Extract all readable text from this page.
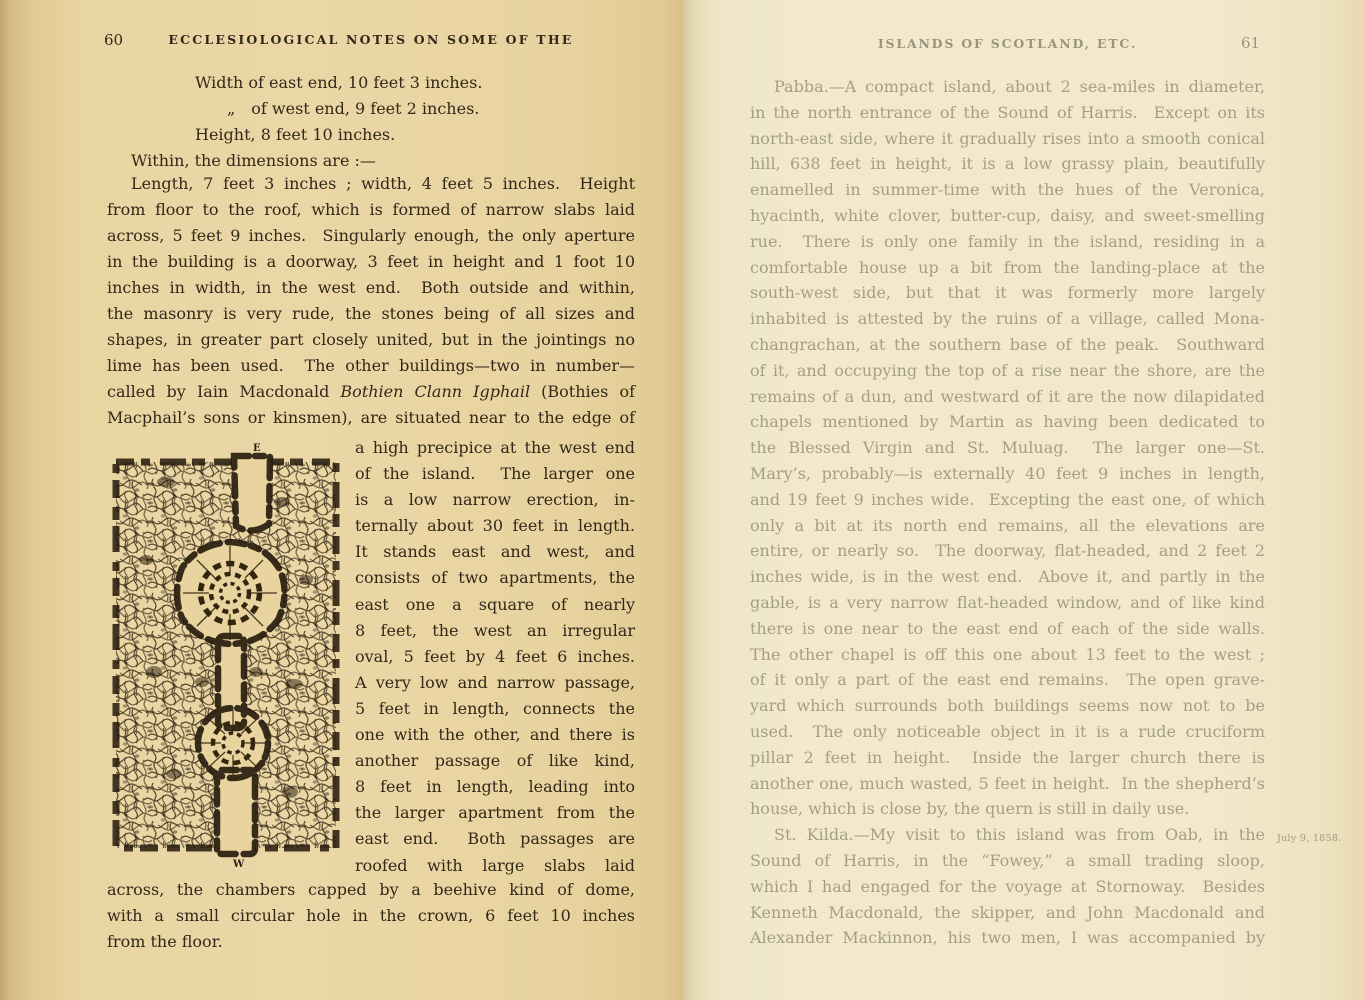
60	ECCLESIOLOGICAL NOTES ON SOME OF THE
      Width of east end, 10 feet 3 inches.
        „  of west end, 9 feet 2 inches.
      Height, 8 feet 10 inches.
  Within, the dimensions are :—
  Length, 7 feet 3 inches ; width, 4 feet 5 inches.  Height
from floor to the roof, which is formed of narrow slabs laid
across, 5 feet 9 inches.  Singularly enough, the only aperture
in the building is a doorway, 3 feet in height and 1 foot 10
inches in width, in the west end.  Both outside and within,
the masonry is very rude, the stones being of all sizes and
shapes, in greater part closely united, but in the jointings no
lime has been used.  The other buildings—two in number—
called by Iain Macdonald Bothien Clann Igphail (Bothies of
Macphail’s sons or kinsmen), are situated near to the edge of
E
W
a high precipice at the west end
of the island.  The larger one
is a low narrow erection, in-
ternally about 30 feet in length.
It stands east and west, and
consists of two apartments, the
east one a square of nearly
8 feet, the west an irregular
oval, 5 feet by 4 feet 6 inches.
A very low and narrow passage,
5 feet in length, connects the
one with the other, and there is
another passage of like kind,
8 feet in length, leading into
the larger apartment from the
east end.  Both passages are
roofed with large slabs laid
across, the chambers capped by a beehive kind of dome,
with a small circular hole in the crown, 6 feet 10 inches
from the floor.
ISLANDS OF SCOTLAND, ETC.	61
  Pabba.—A compact island, about 2 sea-miles in diameter,
in the north entrance of the Sound of Harris.  Except on its
north-east side, where it gradually rises into a smooth conical
hill, 638 feet in height, it is a low grassy plain, beautifully
enamelled in summer-time with the hues of the Veronica,
hyacinth, white clover, butter-cup, daisy, and sweet-smelling
rue.  There is only one family in the island, residing in a
comfortable house up a bit from the landing-place at the
south-west side, but that it was formerly more largely
inhabited is attested by the ruins of a village, called Mona-
changrachan, at the southern base of the peak.  Southward
of it, and occupying the top of a rise near the shore, are the
remains of a dun, and westward of it are the now dilapidated
chapels mentioned by Martin as having been dedicated to
the Blessed Virgin and St. Muluag.  The larger one—St.
Mary’s, probably—is externally 40 feet 9 inches in length,
and 19 feet 9 inches wide.  Excepting the east one, of which
only a bit at its north end remains, all the elevations are
entire, or nearly so.  The doorway, flat-headed, and 2 feet 2
inches wide, is in the west end.  Above it, and partly in the
gable, is a very narrow flat-headed window, and of like kind
there is one near to the east end of each of the side walls.
The other chapel is off this one about 13 feet to the west ;
of it only a part of the east end remains.  The open grave-
yard which surrounds both buildings seems now not to be
used.  The only noticeable object in it is a rude cruciform
pillar 2 feet in height.  Inside the larger church there is
another one, much wasted, 5 feet in height.  In the shepherd’s
house, which is close by, the quern is still in daily use.
  St. Kilda.—My visit to this island was from Oab, in the
Sound of Harris, in the “Fowey,” a small trading sloop,
which I had engaged for the voyage at Stornoway.  Besides
Kenneth Macdonald, the skipper, and John Macdonald and
Alexander Mackinnon, his two men, I was accompanied by
July 9, 1858.
